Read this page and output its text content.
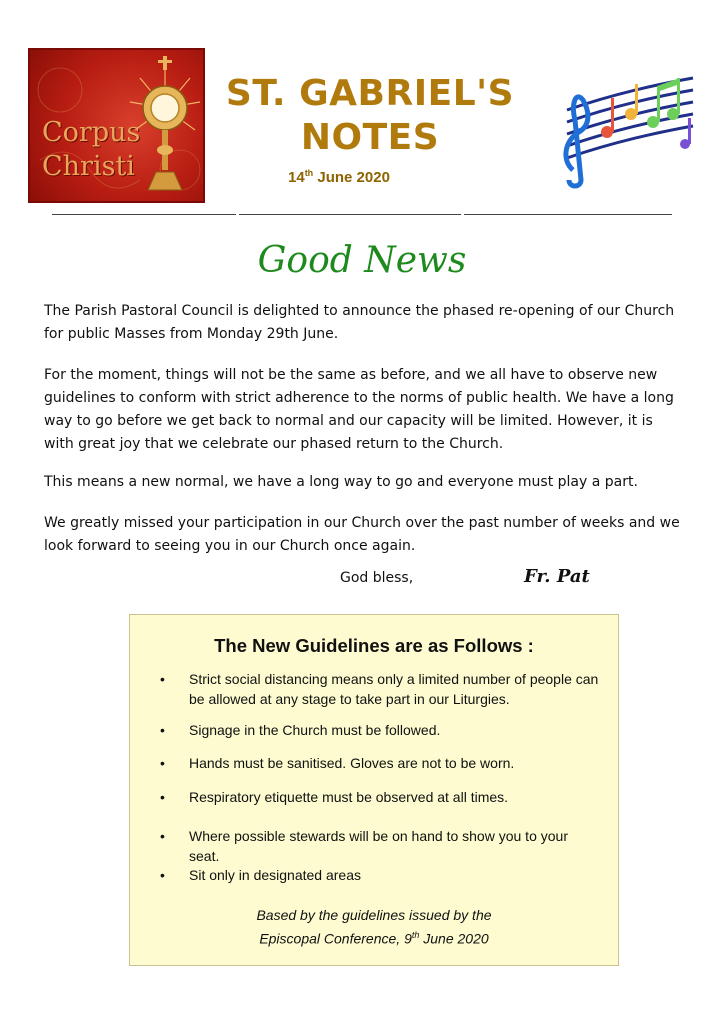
Corpus
Christi
ST. GABRIEL'S
NOTES
14th June 2020
Good News
The Parish Pastoral Council is delighted to announce the phased re-opening of our Church for public Masses from Monday 29th June.
For the moment, things will not be the same as before, and we all have to observe new guidelines to conform with strict adherence to the norms of public health. We have a long way to go before we get back to normal and our capacity will be limited. However, it is with great joy that we celebrate our phased return to the Church.
This means a new normal, we have a long way to go and everyone must play a part.
We greatly missed your participation in our Church over the past number of weeks and we look forward to seeing you in our Church once again.
God bless,	Fr. Pat
The New Guidelines are as Follows :
•	Strict social distancing means only a limited number of people can be allowed at any stage to take part in our Liturgies.
•	Signage in the Church must be followed.
•	Hands must be sanitised. Gloves are not to be worn.
•	Respiratory etiquette must be observed at all times.
•	Where possible stewards will be on hand to show you to your seat.
•	Sit only in designated areas
Based by the guidelines issued by the
Episcopal Conference, 9th June 2020
